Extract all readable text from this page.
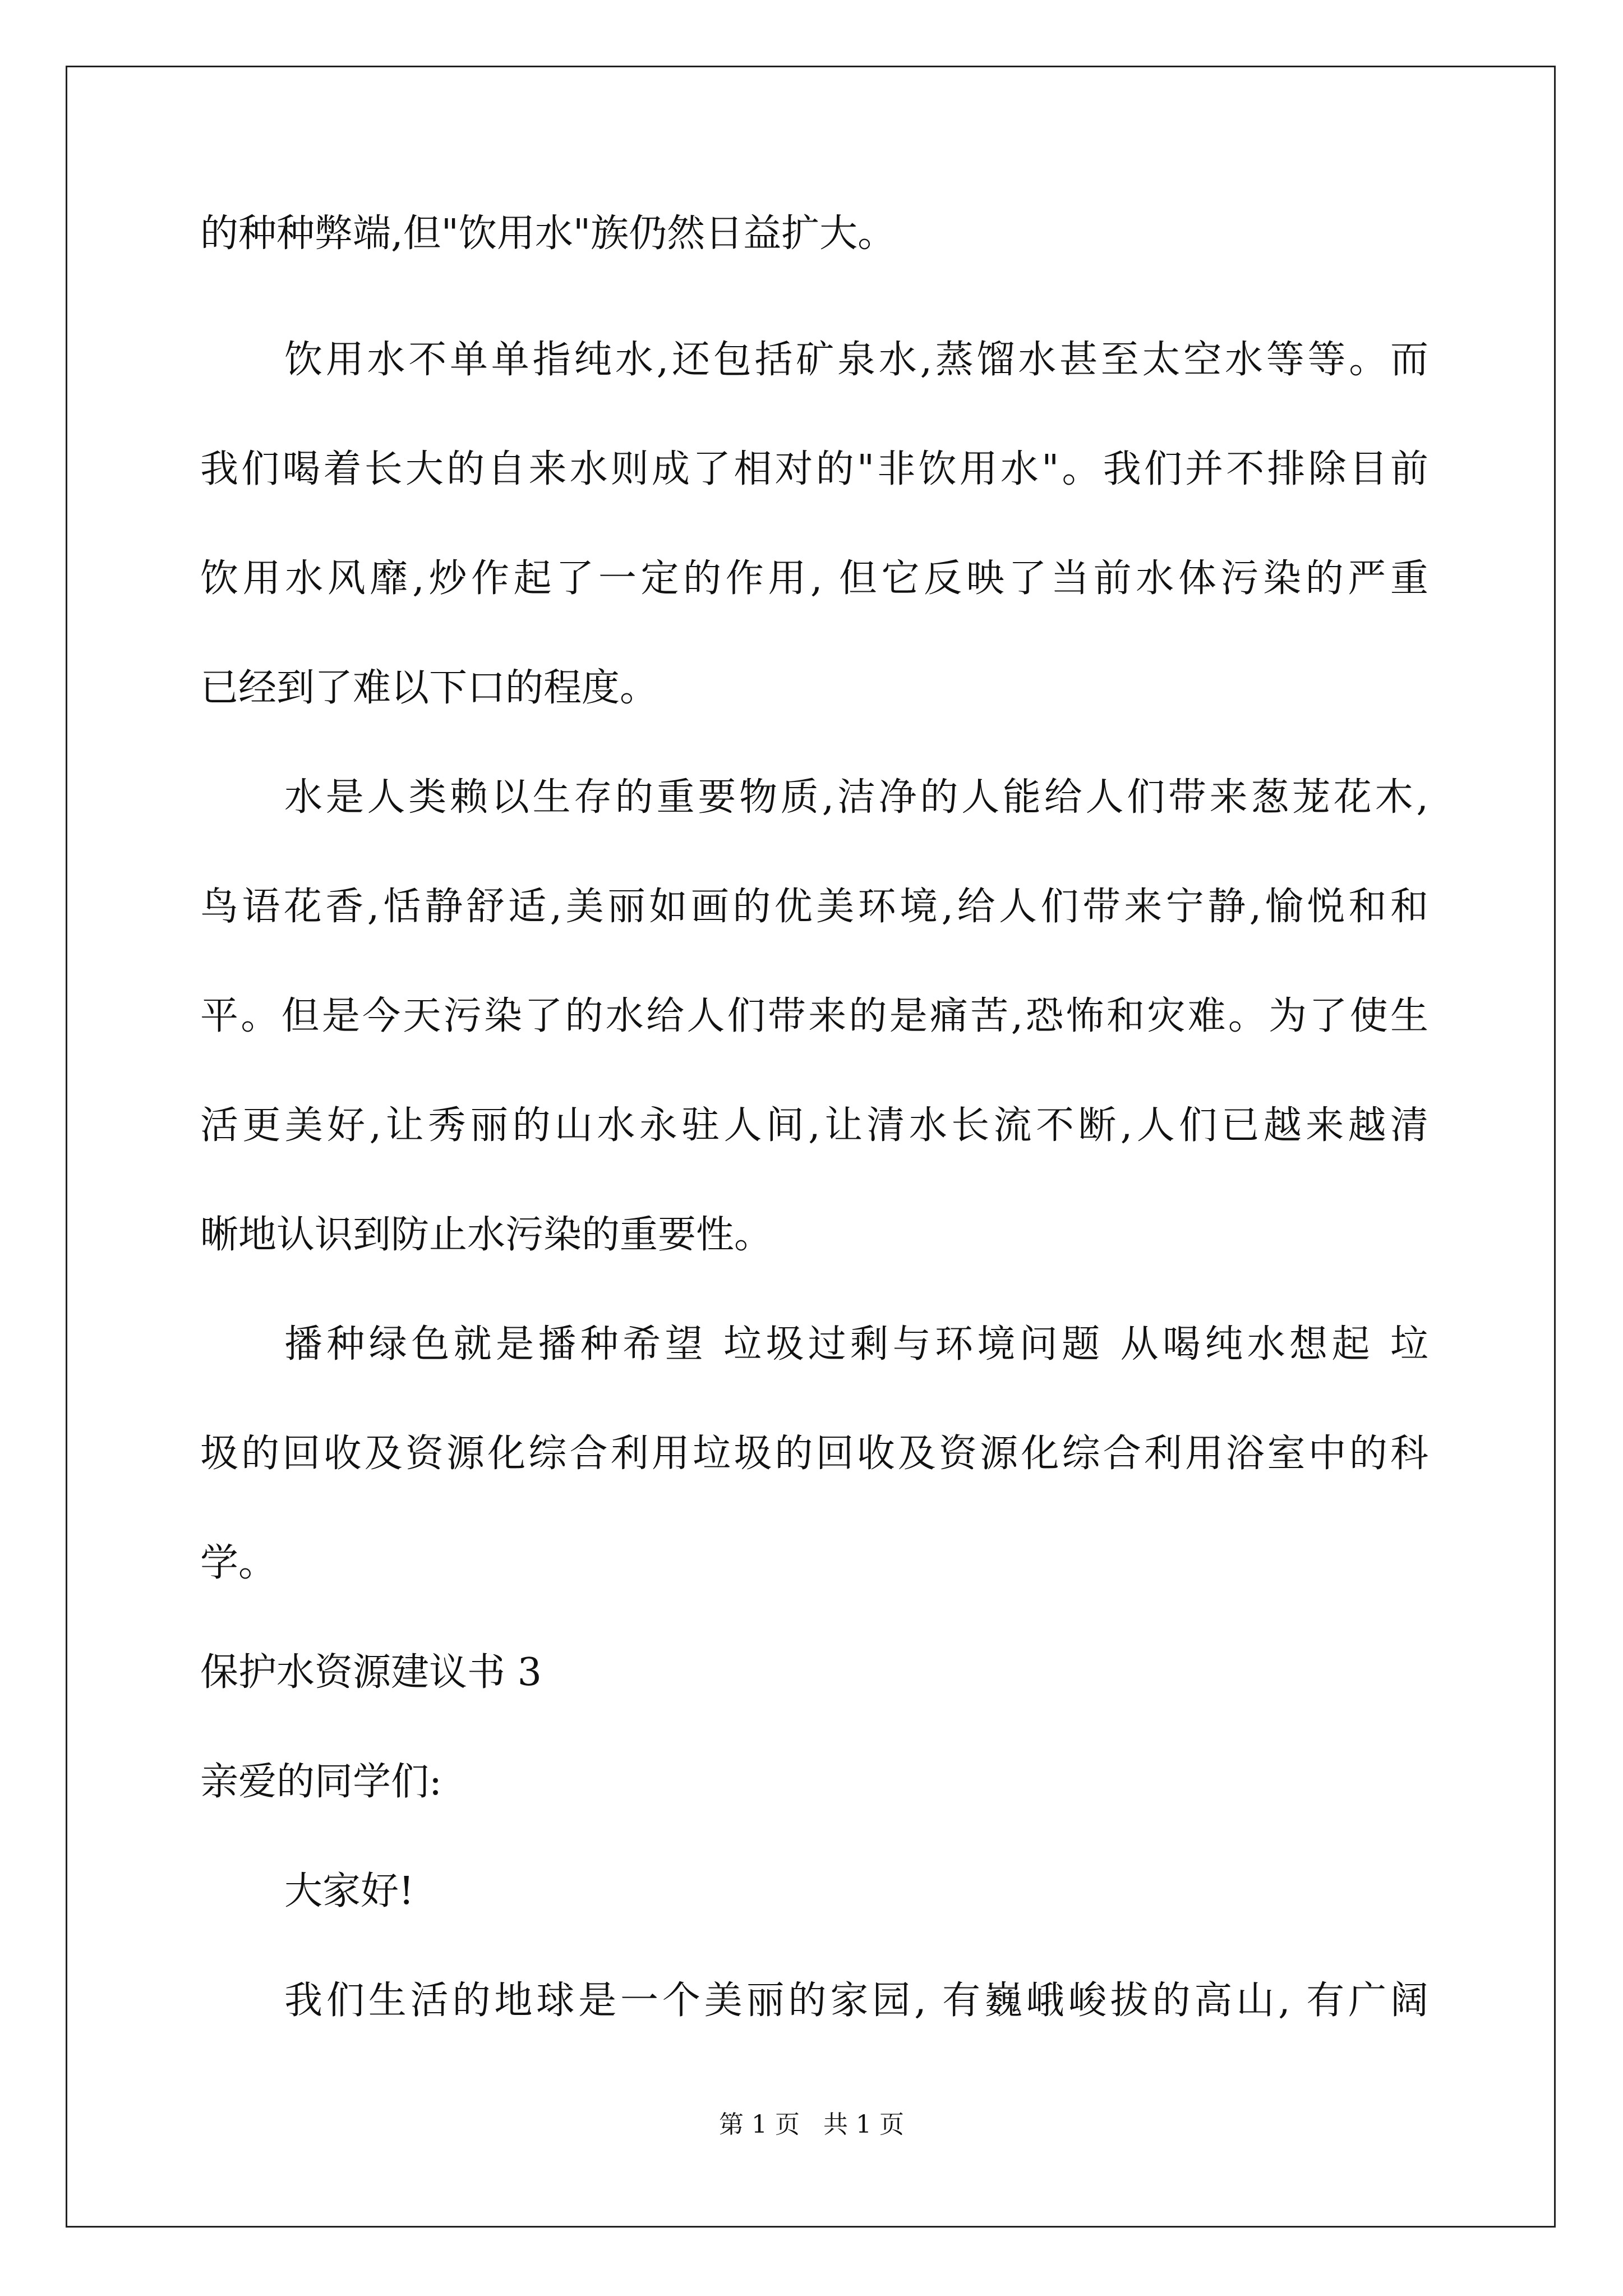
的种种弊端,但"饮用水"族仍然日益扩大。
饮用水不单单指纯水,还包括矿泉水,蒸馏水甚至太空水等等。而
我们喝着长大的自来水则成了相对的"非饮用水"。我们并不排除目前
饮用水风靡,炒作起了一定的作用, 但它反映了当前水体污染的严重
已经到了难以下口的程度。
水是人类赖以生存的重要物质,洁净的人能给人们带来葱茏花木,
鸟语花香,恬静舒适,美丽如画的优美环境,给人们带来宁静,愉悦和和
平。但是今天污染了的水给人们带来的是痛苦,恐怖和灾难。为了使生
活更美好,让秀丽的山水永驻人间,让清水长流不断,人们已越来越清
晰地认识到防止水污染的重要性。
播种绿色就是播种希望 垃圾过剩与环境问题 从喝纯水想起 垃
圾的回收及资源化综合利用垃圾的回收及资源化综合利用浴室中的科
学。
保护水资源建议书 3
亲爱的同学们:
大家好!
我们生活的地球是一个美丽的家园, 有巍峨峻拔的高山, 有广阔
第 1 页   共 1 页
